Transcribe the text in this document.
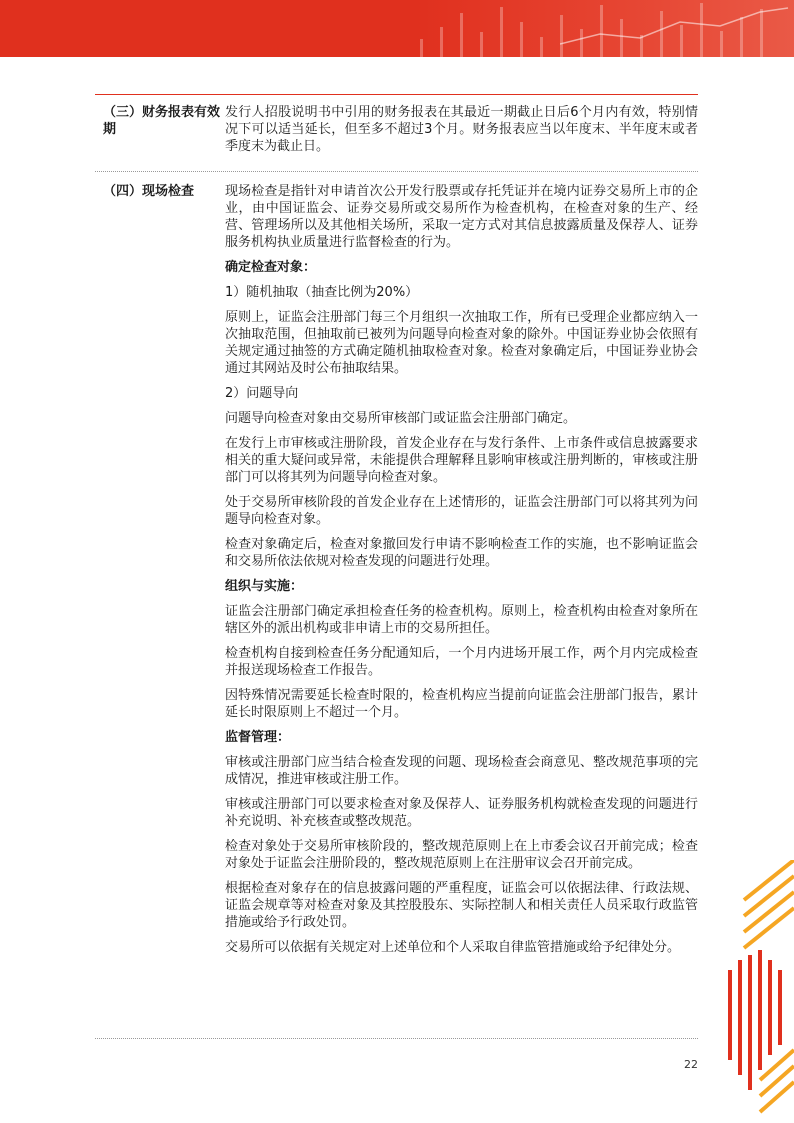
（三）财务报表有效期

发行人招股说明书中引用的财务报表在其最近一期截止日后6个月内有效，特别情况下可以适当延长，但至多不超过3个月。财务报表应当以年度末、半年度末或者季度末为截止日。

（四）现场检查	现场检查是指针对申请首次公开发行股票或存托凭证并在境内证券交易所上市的企业，由中国证监会、证券交易所或交易所作为检查机构，在检查对象的生产、经营、管理场所以及其他相关场所，采取一定方式对其信息披露质量及保荐人、证券服务机构执业质量进行监督检查的行为。

确定检查对象：

1）随机抽取（抽查比例为20%）

原则上，证监会注册部门每三个月组织一次抽取工作，所有已受理企业都应纳入一次抽取范围，但抽取前已被列为问题导向检查对象的除外。中国证券业协会依照有关规定通过抽签的方式确定随机抽取检查对象。检查对象确定后，中国证券业协会通过其网站及时公布抽取结果。

2）问题导向

问题导向检查对象由交易所审核部门或证监会注册部门确定。

在发行上市审核或注册阶段，首发企业存在与发行条件、上市条件或信息披露要求相关的重大疑问或异常，未能提供合理解释且影响审核或注册判断的，审核或注册部门可以将其列为问题导向检查对象。

处于交易所审核阶段的首发企业存在上述情形的，证监会注册部门可以将其列为问题导向检查对象。

检查对象确定后，检查对象撤回发行申请不影响检查工作的实施，也不影响证监会和交易所依法依规对检查发现的问题进行处理。

组织与实施：

证监会注册部门确定承担检查任务的检查机构。原则上，检查机构由检查对象所在辖区外的派出机构或非申请上市的交易所担任。

检查机构自接到检查任务分配通知后，一个月内进场开展工作，两个月内完成检查并报送现场检查工作报告。

因特殊情况需要延长检查时限的，检查机构应当提前向证监会注册部门报告，累计延长时限原则上不超过一个月。

监督管理：

审核或注册部门应当结合检查发现的问题、现场检查会商意见、整改规范事项的完成情况，推进审核或注册工作。

审核或注册部门可以要求检查对象及保荐人、证券服务机构就检查发现的问题进行补充说明、补充核查或整改规范。

检查对象处于交易所审核阶段的，整改规范原则上在上市委会议召开前完成；检查对象处于证监会注册阶段的，整改规范原则上在注册审议会召开前完成。

根据检查对象存在的信息披露问题的严重程度，证监会可以依据法律、行政法规、证监会规章等对检查对象及其控股股东、实际控制人和相关责任人员采取行政监管措施或给予行政处罚。

交易所可以依据有关规定对上述单位和个人采取自律监管措施或给予纪律处分。

22
